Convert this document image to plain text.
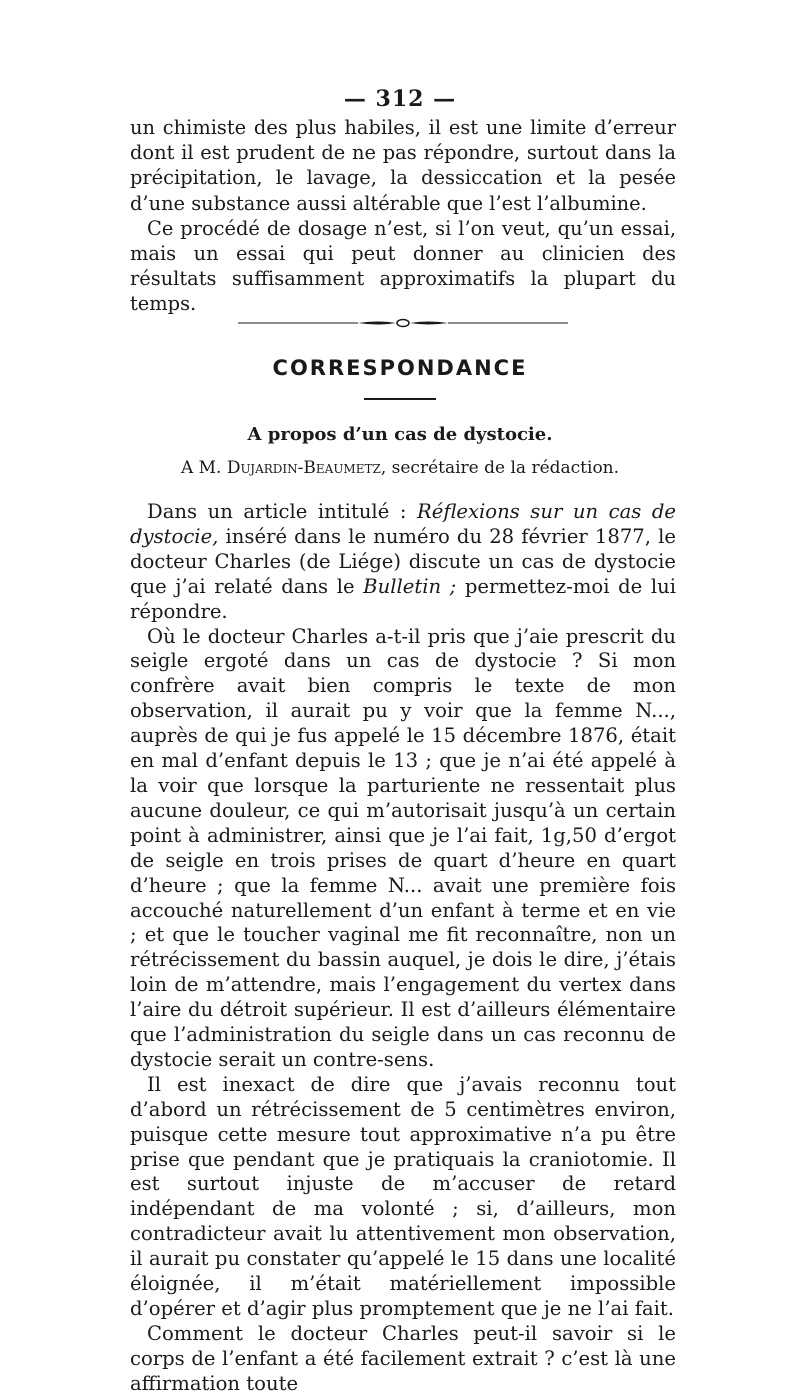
— 312 —

un chimiste des plus habiles, il est une limite d’erreur dont il est prudent de ne pas répondre, surtout dans la précipitation, le lavage, la dessiccation et la pesée d’une substance aussi altérable que l’est l’albumine.

Ce procédé de dosage n’est, si l’on veut, qu’un essai, mais un essai qui peut donner au clinicien des résultats suffisamment approximatifs la plupart du temps.

CORRESPONDANCE
A propos d’un cas de dystocie.
A M. Dujardin-Beaumetz, secrétaire de la rédaction.

Dans un article intitulé : Réflexions sur un cas de dystocie, inséré dans le numéro du 28 février 1877, le docteur Charles (de Liége) discute un cas de dystocie que j’ai relaté dans le Bulletin ; permettez-moi de lui répondre.

Où le docteur Charles a-t-il pris que j’aie prescrit du seigle ergoté dans un cas de dystocie ? Si mon confrère avait bien compris le texte de mon observation, il aurait pu y voir que la femme N..., auprès de qui je fus appelé le 15 décembre 1876, était en mal d’enfant depuis le 13 ; que je n’ai été appelé à la voir que lorsque la parturiente ne ressentait plus aucune douleur, ce qui m’autorisait jusqu’à un certain point à administrer, ainsi que je l’ai fait, 1g,50 d’ergot de seigle en trois prises de quart d’heure en quart d’heure ; que la femme N... avait une première fois accouché naturellement d’un enfant à terme et en vie ; et que le toucher vaginal me fit reconnaître, non un rétrécissement du bassin auquel, je dois le dire, j’étais loin de m’attendre, mais l’engagement du vertex dans l’aire du détroit supérieur. Il est d’ailleurs élémentaire que l’administration du seigle dans un cas reconnu de dystocie serait un contre-sens.

Il est inexact de dire que j’avais reconnu tout d’abord un rétrécissement de 5 centimètres environ, puisque cette mesure tout approximative n’a pu être prise que pendant que je pratiquais la craniotomie. Il est surtout injuste de m’accuser de retard indépendant de ma volonté ; si, d’ailleurs, mon contradicteur avait lu attentivement mon observation, il aurait pu constater qu’appelé le 15 dans une localité éloignée, il m’était matériellement impossible d’opérer et d’agir plus promptement que je ne l’ai fait.

Comment le docteur Charles peut-il savoir si le corps de l’enfant a été facilement extrait ? c’est là une affirmation toute
